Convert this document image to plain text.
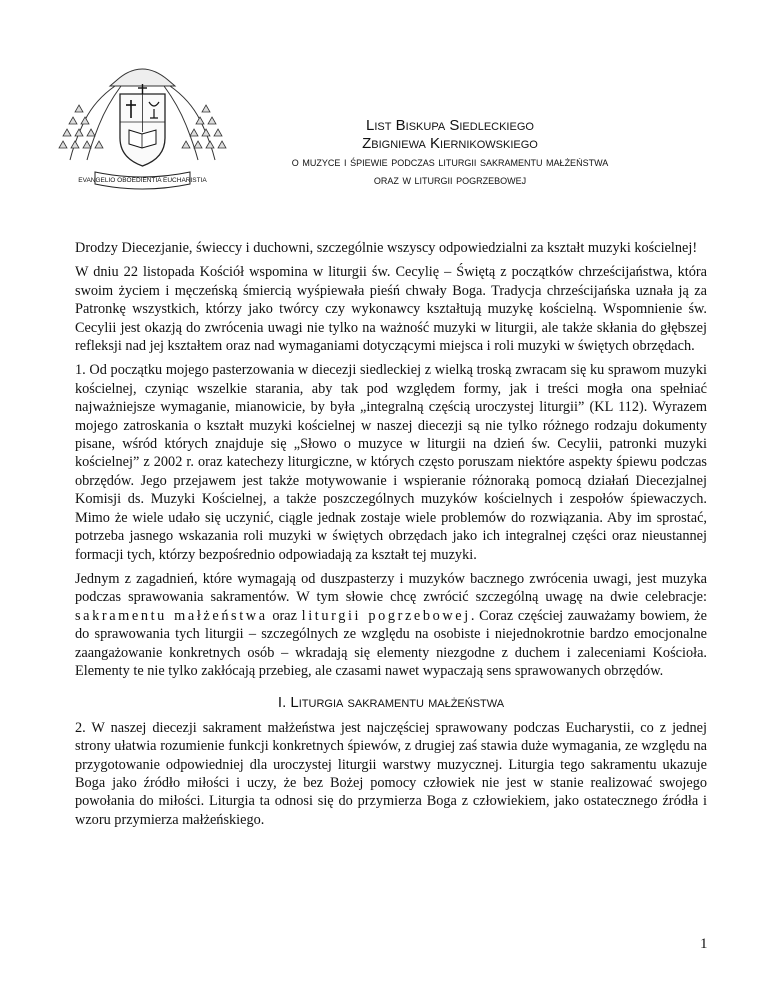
EVANGELIO OBOEDIENTIA EUCHARISTIA
List Biskupa Siedleckiego
Zbigniewa Kiernikowskiego
o muzyce i śpiewie podczas liturgii sakramentu małżeństwa
oraz w liturgii pogrzebowej

Drodzy Diecezjanie, świeccy i duchowni, szczególnie wszyscy odpowiedzialni za kształt muzyki kościelnej!

W dniu 22 listopada Kościół wspomina w liturgii św. Cecylię – Świętą z początków chrześcijaństwa, która swoim życiem i męczeńską śmiercią wyśpiewała pieśń chwały Boga. Tradycja chrześcijańska uznała ją za Patronkę wszystkich, którzy jako twórcy czy wykonawcy kształtują muzykę kościelną. Wspomnienie św. Cecylii jest okazją do zwrócenia uwagi nie tylko na ważność muzyki w liturgii, ale także skłania do głębszej refleksji nad jej kształtem oraz nad wymaganiami dotyczącymi miejsca i roli muzyki w świętych obrzędach.

1. Od początku mojego pasterzowania w diecezji siedleckiej z wielką troską zwracam się ku sprawom muzyki kościelnej, czyniąc wszelkie starania, aby tak pod względem formy, jak i treści mogła ona spełniać najważniejsze wymaganie, mianowicie, by była „integralną częścią uroczystej liturgii” (KL 112). Wyrazem mojego zatroskania o kształt muzyki kościelnej w naszej diecezji są nie tylko różnego rodzaju dokumenty pisane, wśród których znajduje się „Słowo o muzyce w liturgii na dzień św. Cecylii, patronki muzyki kościelnej” z 2002 r. oraz katechezy liturgiczne, w których często poruszam niektóre aspekty śpiewu podczas obrzędów. Jego przejawem jest także motywowanie i wspieranie różnoraką pomocą działań Diecezjalnej Komisji ds. Muzyki Kościelnej, a także poszczególnych muzyków kościelnych i zespołów śpiewaczych. Mimo że wiele udało się uczynić, ciągle jednak zostaje wiele problemów do rozwiązania. Aby im sprostać, potrzeba jasnego wskazania roli muzyki w świętych obrzędach jako ich integralnej części oraz nieustannej formacji tych, którzy bezpośrednio odpowiadają za kształt tej muzyki.

Jednym z zagadnień, które wymagają od duszpasterzy i muzyków bacznego zwrócenia uwagi, jest muzyka podczas sprawowania sakramentów. W tym słowie chcę zwrócić szczególną uwagę na dwie celebracje: sakramentu małżeństwa oraz liturgii pogrzebowej. Coraz częściej zauważamy bowiem, że do sprawowania tych liturgii – szczególnych ze względu na osobiste i niejednokrotnie bardzo emocjonalne zaangażowanie konkretnych osób – wkradają się elementy niezgodne z duchem i zaleceniami Kościoła. Elementy te nie tylko zakłócają przebieg, ale czasami nawet wypaczają sens sprawowanych obrzędów.

I. Liturgia sakramentu małżeństwa

2. W naszej diecezji sakrament małżeństwa jest najczęściej sprawowany podczas Eucharystii, co z jednej strony ułatwia rozumienie funkcji konkretnych śpiewów, z drugiej zaś stawia duże wymagania, ze względu na przygotowanie odpowiedniej dla uroczystej liturgii warstwy muzycznej. Liturgia tego sakramentu ukazuje Boga jako źródło miłości i uczy, że bez Bożej pomocy człowiek nie jest w stanie realizować swojego powołania do miłości. Liturgia ta odnosi się do przymierza Boga z człowiekiem, jako ostatecznego źródła i wzoru przymierza małżeńskiego.

1
